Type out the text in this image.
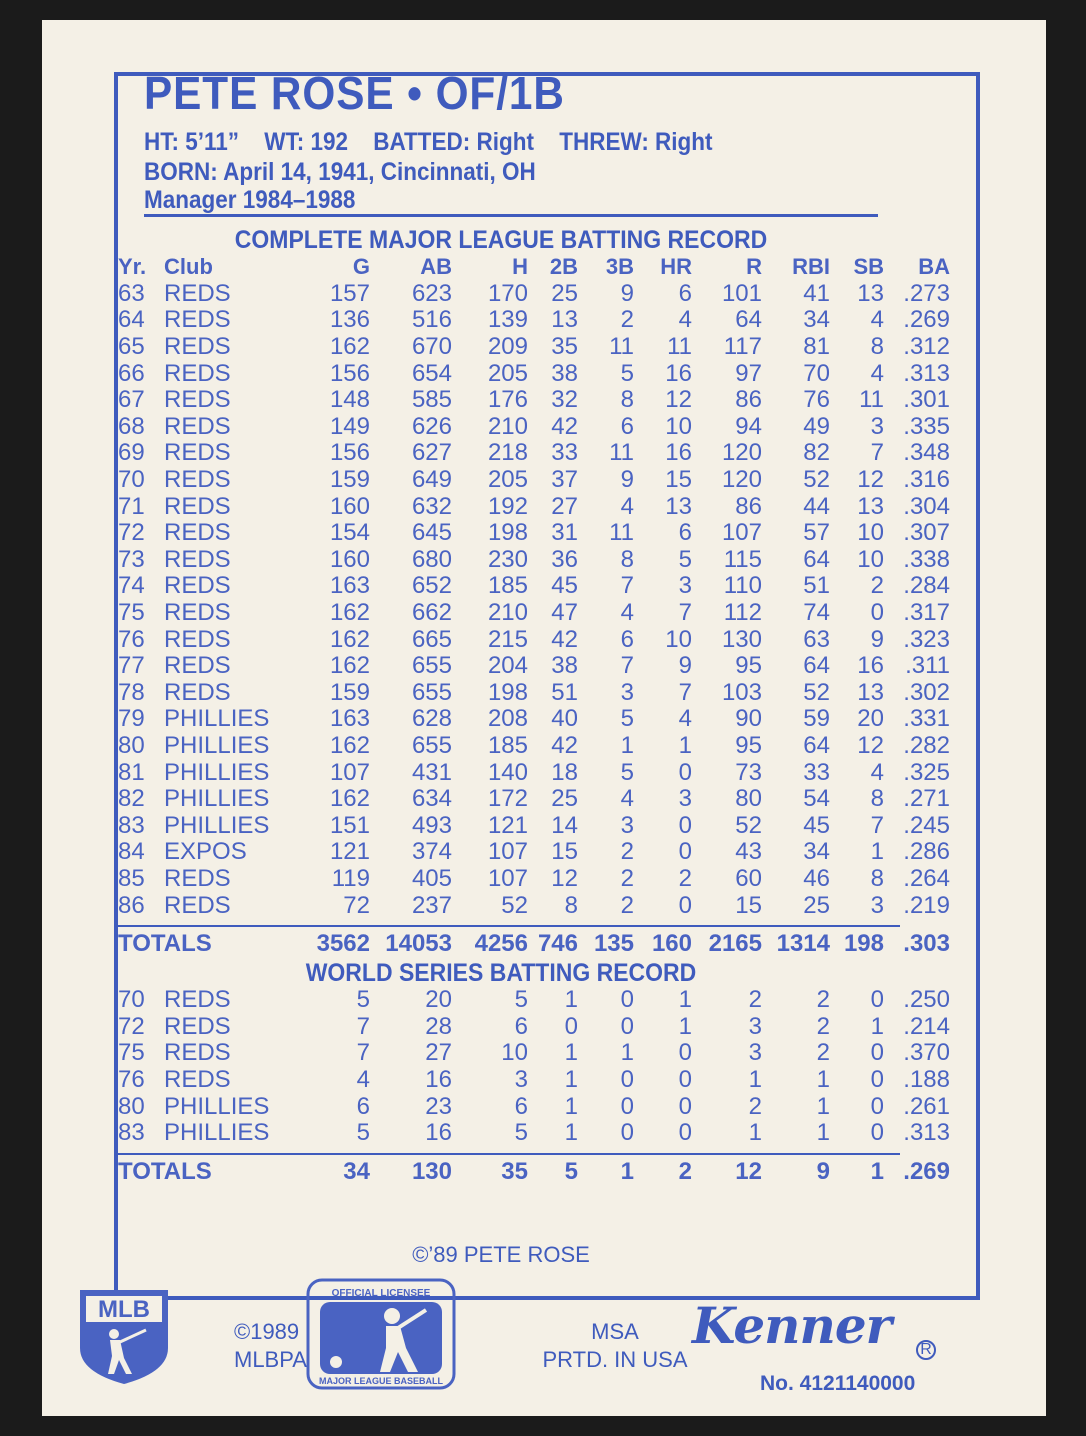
PETE ROSE • OF/1B
HT: 5’11” WT: 192 BATTED: Right THREW: Right
BORN: April 14, 1941, Cincinnati, OH
Manager 1984–1988
COMPLETE MAJOR LEAGUE BATTING RECORD
Yr.	Club	G	AB	H	2B	3B	HR	R	RBI	SB	BA
63	REDS	157	623	170	25	9	6	101	41	13	.273
64	REDS	136	516	139	13	2	4	64	34	4	.269
65	REDS	162	670	209	35	11	11	117	81	8	.312
66	REDS	156	654	205	38	5	16	97	70	4	.313
67	REDS	148	585	176	32	8	12	86	76	11	.301
68	REDS	149	626	210	42	6	10	94	49	3	.335
69	REDS	156	627	218	33	11	16	120	82	7	.348
70	REDS	159	649	205	37	9	15	120	52	12	.316
71	REDS	160	632	192	27	4	13	86	44	13	.304
72	REDS	154	645	198	31	11	6	107	57	10	.307
73	REDS	160	680	230	36	8	5	115	64	10	.338
74	REDS	163	652	185	45	7	3	110	51	2	.284
75	REDS	162	662	210	47	4	7	112	74	0	.317
76	REDS	162	665	215	42	6	10	130	63	9	.323
77	REDS	162	655	204	38	7	9	95	64	16	.311
78	REDS	159	655	198	51	3	7	103	52	13	.302
79	PHILLIES	163	628	208	40	5	4	90	59	20	.331
80	PHILLIES	162	655	185	42	1	1	95	64	12	.282
81	PHILLIES	107	431	140	18	5	0	73	33	4	.325
82	PHILLIES	162	634	172	25	4	3	80	54	8	.271
83	PHILLIES	151	493	121	14	3	0	52	45	7	.245
84	EXPOS	121	374	107	15	2	0	43	34	1	.286
85	REDS	119	405	107	12	2	2	60	46	8	.264
86	REDS	72	237	52	8	2	0	15	25	3	.219
TOTALS	3562	14053	4256	746	135	160	2165	1314	198	.303
WORLD SERIES BATTING RECORD
70	REDS	5	20	5	1	0	1	2	2	0	.250
72	REDS	7	28	6	0	0	1	3	2	1	.214
75	REDS	7	27	10	1	1	0	3	2	0	.370
76	REDS	4	16	3	1	0	0	1	1	0	.188
80	PHILLIES	6	23	6	1	0	0	2	1	0	.261
83	PHILLIES	5	16	5	1	0	0	1	1	0	.313
TOTALS	34	130	35	5	1	2	12	9	1	.269
©’89 PETE ROSE
MLB
©1989
MLBPA
OFFICIAL LICENSEE
MAJOR LEAGUE BASEBALL
MSA
PRTD. IN USA
Kenner R
No. 4121140000
